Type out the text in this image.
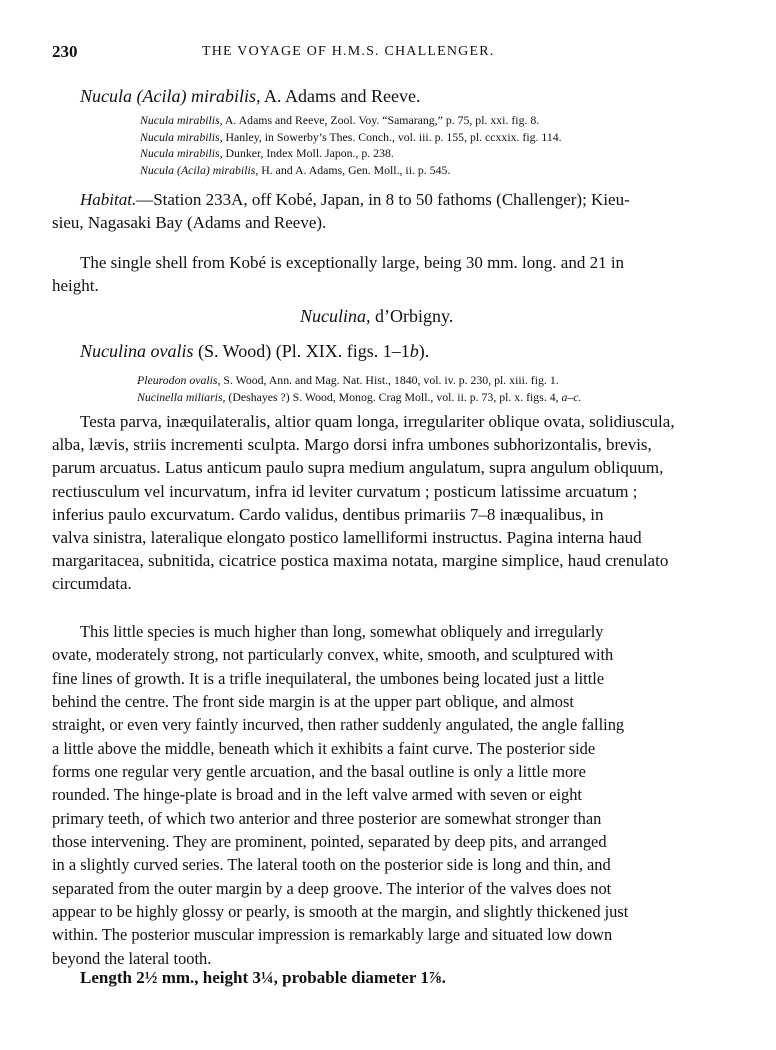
230	THE VOYAGE OF H.M.S. CHALLENGER.
Nucula (Acila) mirabilis, A. Adams and Reeve.
Nucula mirabilis, A. Adams and Reeve, Zool. Voy. “Samarang,” p. 75, pl. xxi. fig. 8.
Nucula mirabilis, Hanley, in Sowerby’s Thes. Conch., vol. iii. p. 155, pl. ccxxix. fig. 114.
Nucula mirabilis, Dunker, Index Moll. Japon., p. 238.
Nucula (Acila) mirabilis, H. and A. Adams, Gen. Moll., ii. p. 545.
Habitat.—Station 233A, off Kobé, Japan, in 8 to 50 fathoms (Challenger); Kieu-
sieu, Nagasaki Bay (Adams and Reeve).
The single shell from Kobé is exceptionally large, being 30 mm. long. and 21 in
height.
Nuculina, d’Orbigny.
Nuculina ovalis (S. Wood) (Pl. XIX. figs. 1–1b).
Pleurodon ovalis, S. Wood, Ann. and Mag. Nat. Hist., 1840, vol. iv. p. 230, pl. xiii. fig. 1.
Nucinella miliaris, (Deshayes ?) S. Wood, Monog. Crag Moll., vol. ii. p. 73, pl. x. figs. 4, a–c.
Testa parva, inæquilateralis, altior quam longa, irregulariter oblique ovata, solidiuscula,
alba, lævis, striis incrementi sculpta. Margo dorsi infra umbones subhorizontalis, brevis,
parum arcuatus. Latus anticum paulo supra medium angulatum, supra angulum obliquum,
rectiusculum vel incurvatum, infra id leviter curvatum ; posticum latissime arcuatum ;
inferius paulo excurvatum. Cardo validus, dentibus primariis 7–8 inæqualibus, in
valva sinistra, lateralique elongato postico lamelliformi instructus. Pagina interna haud
margaritacea, subnitida, cicatrice postica maxima notata, margine simplice, haud crenulato
circumdata.
This little species is much higher than long, somewhat obliquely and irregularly
ovate, moderately strong, not particularly convex, white, smooth, and sculptured with
fine lines of growth. It is a trifle inequilateral, the umbones being located just a little
behind the centre. The front side margin is at the upper part oblique, and almost
straight, or even very faintly incurved, then rather suddenly angulated, the angle falling
a little above the middle, beneath which it exhibits a faint curve. The posterior side
forms one regular very gentle arcuation, and the basal outline is only a little more
rounded. The hinge-plate is broad and in the left valve armed with seven or eight
primary teeth, of which two anterior and three posterior are somewhat stronger than
those intervening. They are prominent, pointed, separated by deep pits, and arranged
in a slightly curved series. The lateral tooth on the posterior side is long and thin, and
separated from the outer margin by a deep groove. The interior of the valves does not
appear to be highly glossy or pearly, is smooth at the margin, and slightly thickened just
within. The posterior muscular impression is remarkably large and situated low down
beyond the lateral tooth.
Length 2½ mm., height 3¼, probable diameter 1⅞.
